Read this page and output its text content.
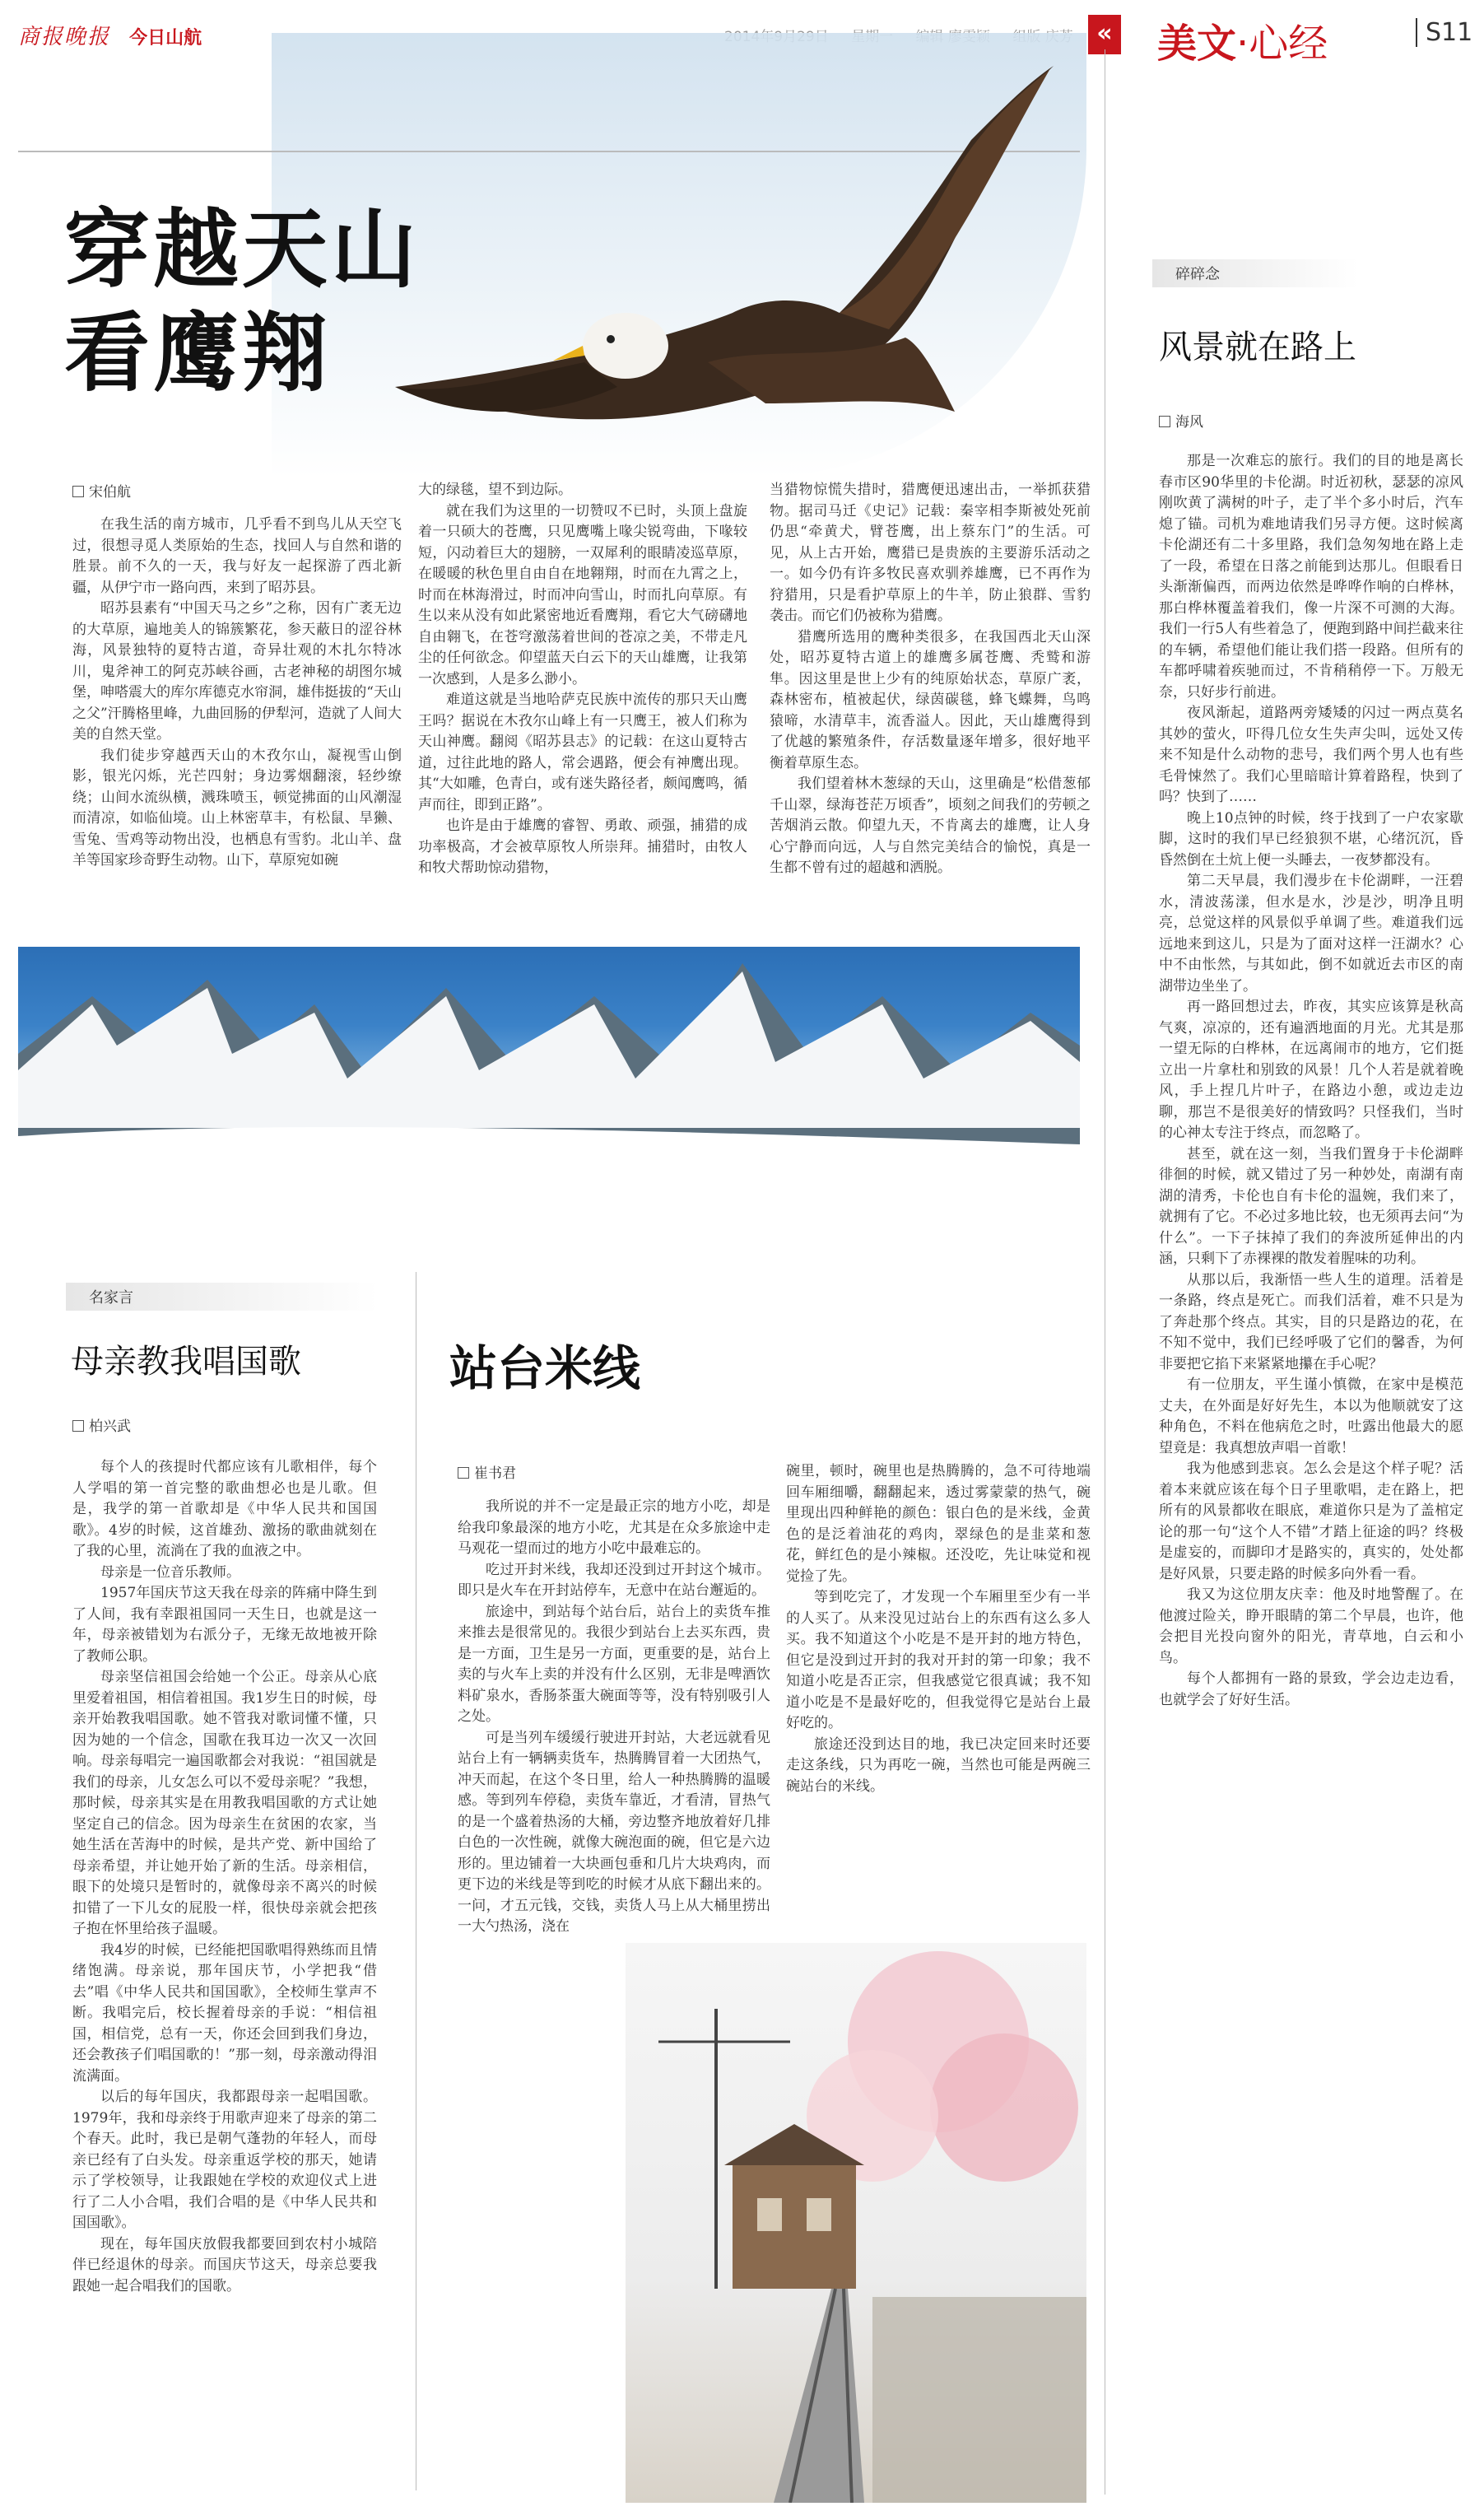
商报晚报 今日山航	« 美文·心经	S11
穿越天山
看鹰翔
宋伯航

在我生活的南方城市，几乎看不到鸟儿从天空飞过，很想寻觅人类原始的生态，找回人与自然和谐的胜景。前不久的一天，我与好友一起探游了西北新疆，从伊宁市一路向西，来到了昭苏县。

昭苏县素有“中国天马之乡”之称，因有广袤无边的大草原，遍地美人的锦簇繁花，参天蔽日的涩谷林海，风景独特的夏特古道，奇异壮观的木扎尔特冰川，鬼斧神工的阿克苏峡谷画，古老神秘的胡图尔城堡，呻嗒震大的库尔库德克水帘洞，雄伟挺拔的“天山之父”汗腾格里峰，九曲回肠的伊犁河，造就了人间大美的自然天堂。

我们徒步穿越西天山的木孜尔山，凝视雪山倒影，银光闪烁，光芒四射；身边雾烟翻滚，轻纱缭绕；山间水流纵横，溅珠喷玉，顿觉拂面的山风潮湿而清凉，如临仙境。山上林密草丰，有松鼠、旱獭、雪兔、雪鸡等动物出没，也栖息有雪豹。北山羊、盘羊等国家珍奇野生动物。山下，草原宛如碗

大的绿毯，望不到边际。

就在我们为这里的一切赞叹不已时，头顶上盘旋着一只硕大的苍鹰，只见鹰嘴上喙尖锐弯曲，下喙较短，闪动着巨大的翅膀，一双犀利的眼睛凌巡草原，在暖暖的秋色里自由自在地翱翔，时而在九霄之上，时而在林海滑过，时而冲向雪山，时而扎向草原。有生以来从没有如此紧密地近看鹰翔，看它大气磅礴地自由翱飞，在苍穹激荡着世间的苍凉之美，不带走凡尘的任何欲念。仰望蓝天白云下的天山雄鹰，让我第一次感到，人是多么渺小。

难道这就是当地哈萨克民族中流传的那只天山鹰王吗？据说在木孜尔山峰上有一只鹰王，被人们称为天山神鹰。翻阅《昭苏县志》的记载：在这山夏特古道，过往此地的路人，常会遇路，便会有神鹰出现。其“大如雕，色青白，或有迷失路径者，颇闻鹰鸣，循声而往，即到正路”。

也许是由于雄鹰的睿智、勇敢、顽强，捕猎的成功率极高，才会被草原牧人所崇拜。捕猎时，由牧人和牧犬帮助惊动猎物，

当猎物惊慌失措时，猎鹰便迅速出击，一举抓获猎物。据司马迁《史记》记载：秦宰相李斯被处死前仍思“牵黄犬，臂苍鹰，出上蔡东门”的生活。可见，从上古开始，鹰猎已是贵族的主要游乐活动之一。如今仍有许多牧民喜欢驯养雄鹰，已不再作为狩猎用，只是看护草原上的牛羊，防止狼群、雪豹袭击。而它们仍被称为猎鹰。

猎鹰所选用的鹰种类很多，在我国西北天山深处，昭苏夏特古道上的雄鹰多属苍鹰、秃鹫和游隼。因这里是世上少有的纯原始状态，草原广袤，森林密布，植被起伏，绿茵碳毯，蜂飞蝶舞，鸟鸣猿啼，水清草丰，流香溢人。因此，天山雄鹰得到了优越的繁殖条件，存活数量逐年增多，很好地平衡着草原生态。

我们望着林木葱绿的天山，这里确是“松借葱郁千山翠，绿海苍茫万顷香”，顷刻之间我们的劳顿之苦烟消云散。仰望九天，不肯离去的雄鹰，让人身心宁静而向远，人与自然完美结合的愉悦，真是一生都不曾有过的超越和洒脱。

碎碎念
风景就在路上
海风

那是一次难忘的旅行。我们的目的地是离长春市区90华里的卡伦湖。时近初秋，瑟瑟的凉风刚吹黄了满树的叶子，走了半个多小时后，汽车熄了锚。司机为难地请我们另寻方便。这时候离卡伦湖还有二十多里路，我们急匆匆地在路上走了一段，希望在日落之前能到达那儿。但眼看日头渐渐偏西，而两边依然是哗哗作响的白桦林，那白桦林覆盖着我们，像一片深不可测的大海。我们一行5人有些着急了，便跑到路中间拦截来往的车辆，希望他们能让我们搭一段路。但所有的车都呼啸着疾驰而过，不肯稍稍停一下。万般无奈，只好步行前进。

夜风渐起，道路两旁矮矮的闪过一两点莫名其妙的萤火，吓得几位女生失声尖叫，远处又传来不知是什么动物的悲号，我们两个男人也有些毛骨悚然了。我们心里暗暗计算着路程，快到了吗？快到了……

晚上10点钟的时候，终于找到了一户农家歇脚，这时的我们早已经狼狈不堪，心绪沉沉，昏昏然倒在土炕上便一头睡去，一夜梦都没有。

第二天早晨，我们漫步在卡伦湖畔，一汪碧水，清波荡漾，但水是水，沙是沙，明净且明亮，总觉这样的风景似乎单调了些。难道我们远远地来到这儿，只是为了面对这样一汪湖水？心中不由怅然，与其如此，倒不如就近去市区的南湖带边坐坐了。

再一路回想过去，昨夜，其实应该算是秋高气爽，凉凉的，还有遍洒地面的月光。尤其是那一望无际的白桦林，在远离闹市的地方，它们挺立出一片拿杜和别致的风景！几个人若是就着晚风，手上捏几片叶子，在路边小憩，或边走边聊，那岂不是很美好的情致吗？只怪我们，当时的心神太专注于终点，而忽略了。

甚至，就在这一刻，当我们置身于卡伦湖畔徘徊的时候，就又错过了另一种妙处，南湖有南湖的清秀，卡伦也自有卡伦的温婉，我们来了，就拥有了它。不必过多地比较，也无须再去问“为什么”。一下子抹掉了我们的奔波所延伸出的内涵，只剩下了赤裸裸的散发着腥味的功利。

从那以后，我渐悟一些人生的道理。活着是一条路，终点是死亡。而我们活着，难不只是为了奔赴那个终点。其实，目的只是路边的花，在不知不觉中，我们已经呼吸了它们的馨香，为何非要把它掐下来紧紧地攥在手心呢？

有一位朋友，平生谨小慎微，在家中是模范丈夫，在外面是好好先生，本以为他顺就安了这种角色，不料在他病危之时，吐露出他最大的愿望竟是：我真想放声唱一首歌！

我为他感到悲哀。怎么会是这个样子呢？活着本来就应该在每个日子里歌唱，走在路上，把所有的风景都收在眼底，难道你只是为了盖棺定论的那一句“这个人不错”才踏上征途的吗？终极是虚妄的，而脚印才是路实的，真实的，处处都是好风景，只要走路的时候多向外看一看。

我又为这位朋友庆幸：他及时地警醒了。在他渡过险关，睁开眼睛的第二个早晨，也许，他会把目光投向窗外的阳光，青草地，白云和小鸟。

每个人都拥有一路的景致，学会边走边看，也就学会了好好生活。

名家言
母亲教我唱国歌
柏兴武

每个人的孩提时代都应该有儿歌相伴，每个人学唱的第一首完整的歌曲想必也是儿歌。但是，我学的第一首歌却是《中华人民共和国国歌》。4岁的时候，这首雄劲、激扬的歌曲就刻在了我的心里，流淌在了我的血液之中。

母亲是一位音乐教师。

1957年国庆节这天我在母亲的阵痛中降生到了人间，我有幸跟祖国同一天生日，也就是这一年，母亲被错划为右派分子，无缘无故地被开除了教师公职。

母亲坚信祖国会给她一个公正。母亲从心底里爱着祖国，相信着祖国。我1岁生日的时候，母亲开始教我唱国歌。她不管我对歌词懂不懂，只因为她的一个信念，国歌在我耳边一次又一次回响。母亲每唱完一遍国歌都会对我说：“祖国就是我们的母亲，儿女怎么可以不爱母亲呢？”我想，那时候，母亲其实是在用教我唱国歌的方式让她坚定自己的信念。因为母亲生在贫困的农家，当她生活在苦海中的时候，是共产党、新中国给了母亲希望，并让她开始了新的生活。母亲相信，眼下的处境只是暂时的，就像母亲不离兴的时候扣错了一下儿女的屁股一样，很快母亲就会把孩子抱在怀里给孩子温暖。

我4岁的时候，已经能把国歌唱得熟练而且情绪饱满。母亲说，那年国庆节，小学把我“借去”唱《中华人民共和国国歌》，全校师生掌声不断。我唱完后，校长握着母亲的手说：“相信祖国，相信党，总有一天，你还会回到我们身边，还会教孩子们唱国歌的！”那一刻，母亲激动得泪流满面。

以后的每年国庆，我都跟母亲一起唱国歌。1979年，我和母亲终于用歌声迎来了母亲的第二个春天。此时，我已是朝气蓬勃的年轻人，而母亲已经有了白头发。母亲重返学校的那天，她请示了学校领导，让我跟她在学校的欢迎仪式上进行了二人小合唱，我们合唱的是《中华人民共和国国歌》。

现在，每年国庆放假我都要回到农村小城陪伴已经退休的母亲。而国庆节这天，母亲总要我跟她一起合唱我们的国歌。

站台米线
崔书君

我所说的并不一定是最正宗的地方小吃，却是给我印象最深的地方小吃，尤其是在众多旅途中走马观花一望而过的地方小吃中最难忘的。

吃过开封米线，我却还没到过开封这个城市。即只是火车在开封站停车，无意中在站台邂逅的。

旅途中，到站每个站台后，站台上的卖货车推来推去是很常见的。我很少到站台上去买东西，贵是一方面，卫生是另一方面，更重要的是，站台上卖的与火车上卖的并没有什么区别，无非是啤酒饮料矿泉水，香肠茶蛋大碗面等等，没有特别吸引人之处。

可是当列车缓缓行驶进开封站，大老远就看见站台上有一辆辆卖货车，热腾腾冒着一大团热气，冲天而起，在这个冬日里，给人一种热腾腾的温暖感。等到列车停稳，卖货车靠近，才看清，冒热气的是一个盛着热汤的大桶，旁边整齐地放着好几排白色的一次性碗，就像大碗泡面的碗，但它是六边形的。里边铺着一大块画包垂和几片大块鸡肉，而更下边的米线是等到吃的时候才从底下翻出来的。一问，才五元钱，交钱，卖货人马上从大桶里捞出一大勺热汤，浇在

碗里，顿时，碗里也是热腾腾的，急不可待地端回车厢细嚼，翻翻起来，透过雾蒙蒙的热气，碗里现出四种鲜艳的颜色：银白色的是米线，金黄色的是泛着油花的鸡肉，翠绿色的是韭菜和葱花，鲜红色的是小辣椒。还没吃，先让味觉和视觉捡了先。

等到吃完了，才发现一个车厢里至少有一半的人买了。从来没见过站台上的东西有这么多人买。我不知道这个小吃是不是开封的地方特色，但它是没到过开封的我对开封的第一印象；我不知道小吃是否正宗，但我感觉它很真诚；我不知道小吃是不是最好吃的，但我觉得它是站台上最好吃的。

旅途还没到达目的地，我已决定回来时还要走这条线，只为再吃一碗，当然也可能是两碗三碗站台的米线。
